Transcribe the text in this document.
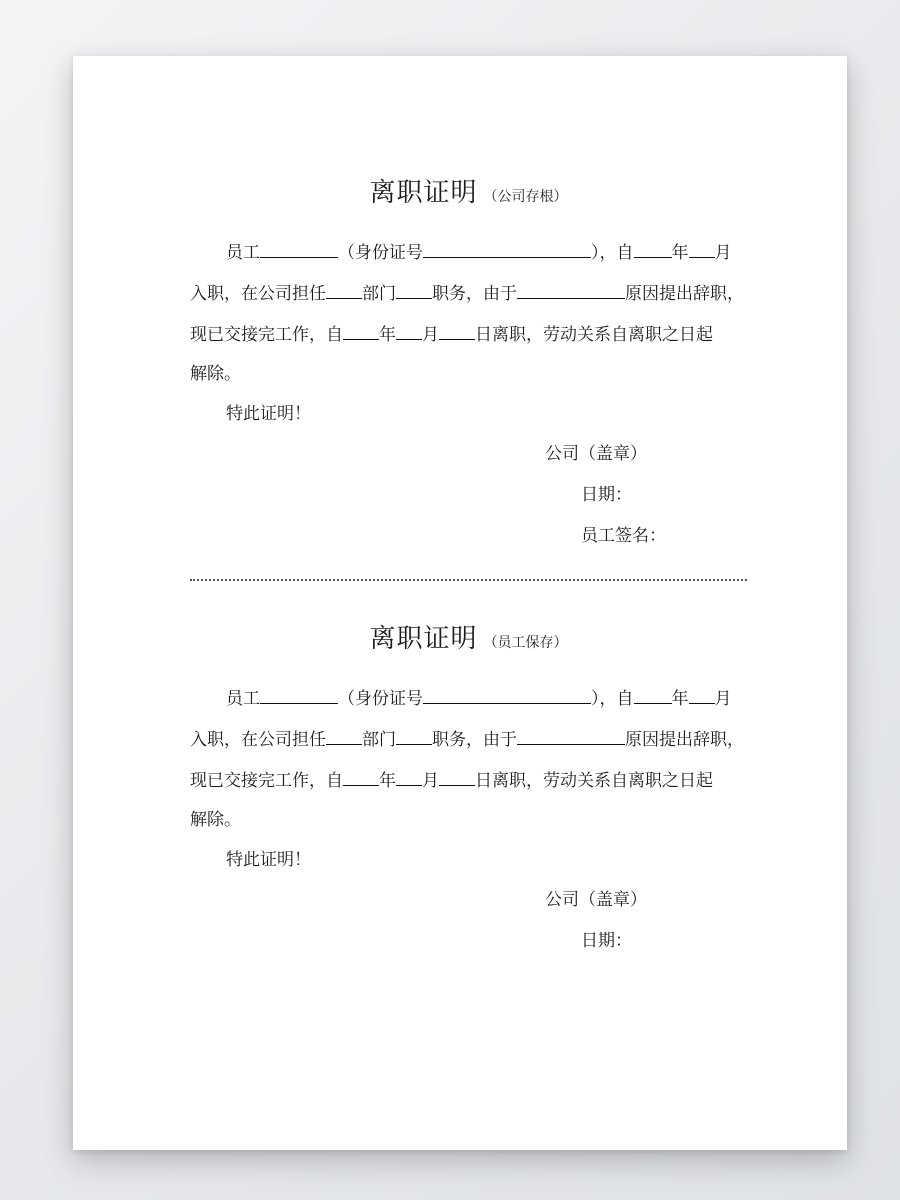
离职证明 （公司存根）
员工	（身份证号	），自 年 月
入职，在公司担任 部门 职务，由于	原因提出辞职，
现已交接完工作，自 年 月 日离职，劳动关系自离职之日起
解除。
特此证明！
公司（盖章）
日期：
员工签名：
离职证明 （员工保存）
员工	（身份证号	），自 年 月
入职，在公司担任 部门 职务，由于	原因提出辞职，
现已交接完工作，自 年 月 日离职，劳动关系自离职之日起
解除。
特此证明！
公司（盖章）
日期：
